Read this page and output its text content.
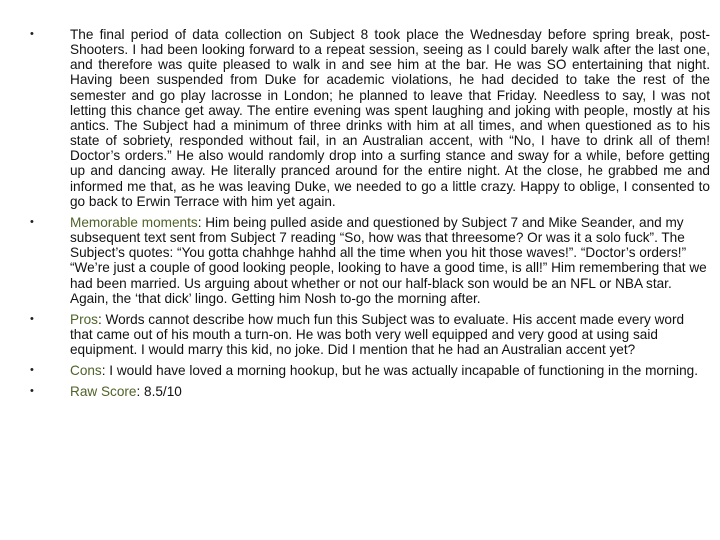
•	The final period of data collection on Subject 8 took place the Wednesday before spring break, post-Shooters. I had been looking forward to a repeat session, seeing as I could barely walk after the last one, and therefore was quite pleased to walk in and see him at the bar. He was SO entertaining that night. Having been suspended from Duke for academic violations, he had decided to take the rest of the semester and go play lacrosse in London; he planned to leave that Friday. Needless to say, I was not letting this chance get away. The entire evening was spent laughing and joking with people, mostly at his antics. The Subject had a minimum of three drinks with him at all times, and when questioned as to his state of sobriety, responded without fail, in an Australian accent, with “No, I have to drink all of them! Doctor’s orders.” He also would randomly drop into a surfing stance and sway for a while, before getting up and dancing away. He literally pranced around for the entire night. At the close, he grabbed me and informed me that, as he was leaving Duke, we needed to go a little crazy. Happy to oblige, I consented to go back to Erwin Terrace with him yet again.
•	Memorable moments: Him being pulled aside and questioned by Subject 7 and Mike Seander, and my subsequent text sent from Subject 7 reading “So, how was that threesome? Or was it a solo fuck”. The Subject’s quotes: “You gotta chahhge hahhd all the time when you hit those waves!”. “Doctor’s orders!” “We’re just a couple of good looking people, looking to have a good time, is all!” Him remembering that we had been married. Us arguing about whether or not our half-black son would be an NFL or NBA star. Again, the ‘that dick’ lingo. Getting him Nosh to-go the morning after.
•	Pros: Words cannot describe how much fun this Subject was to evaluate. His accent made every word that came out of his mouth a turn-on. He was both very well equipped and very good at using said equipment. I would marry this kid, no joke. Did I mention that he had an Australian accent yet?
•	Cons: I would have loved a morning hookup, but he was actually incapable of functioning in the morning.
•	Raw Score: 8.5/10
